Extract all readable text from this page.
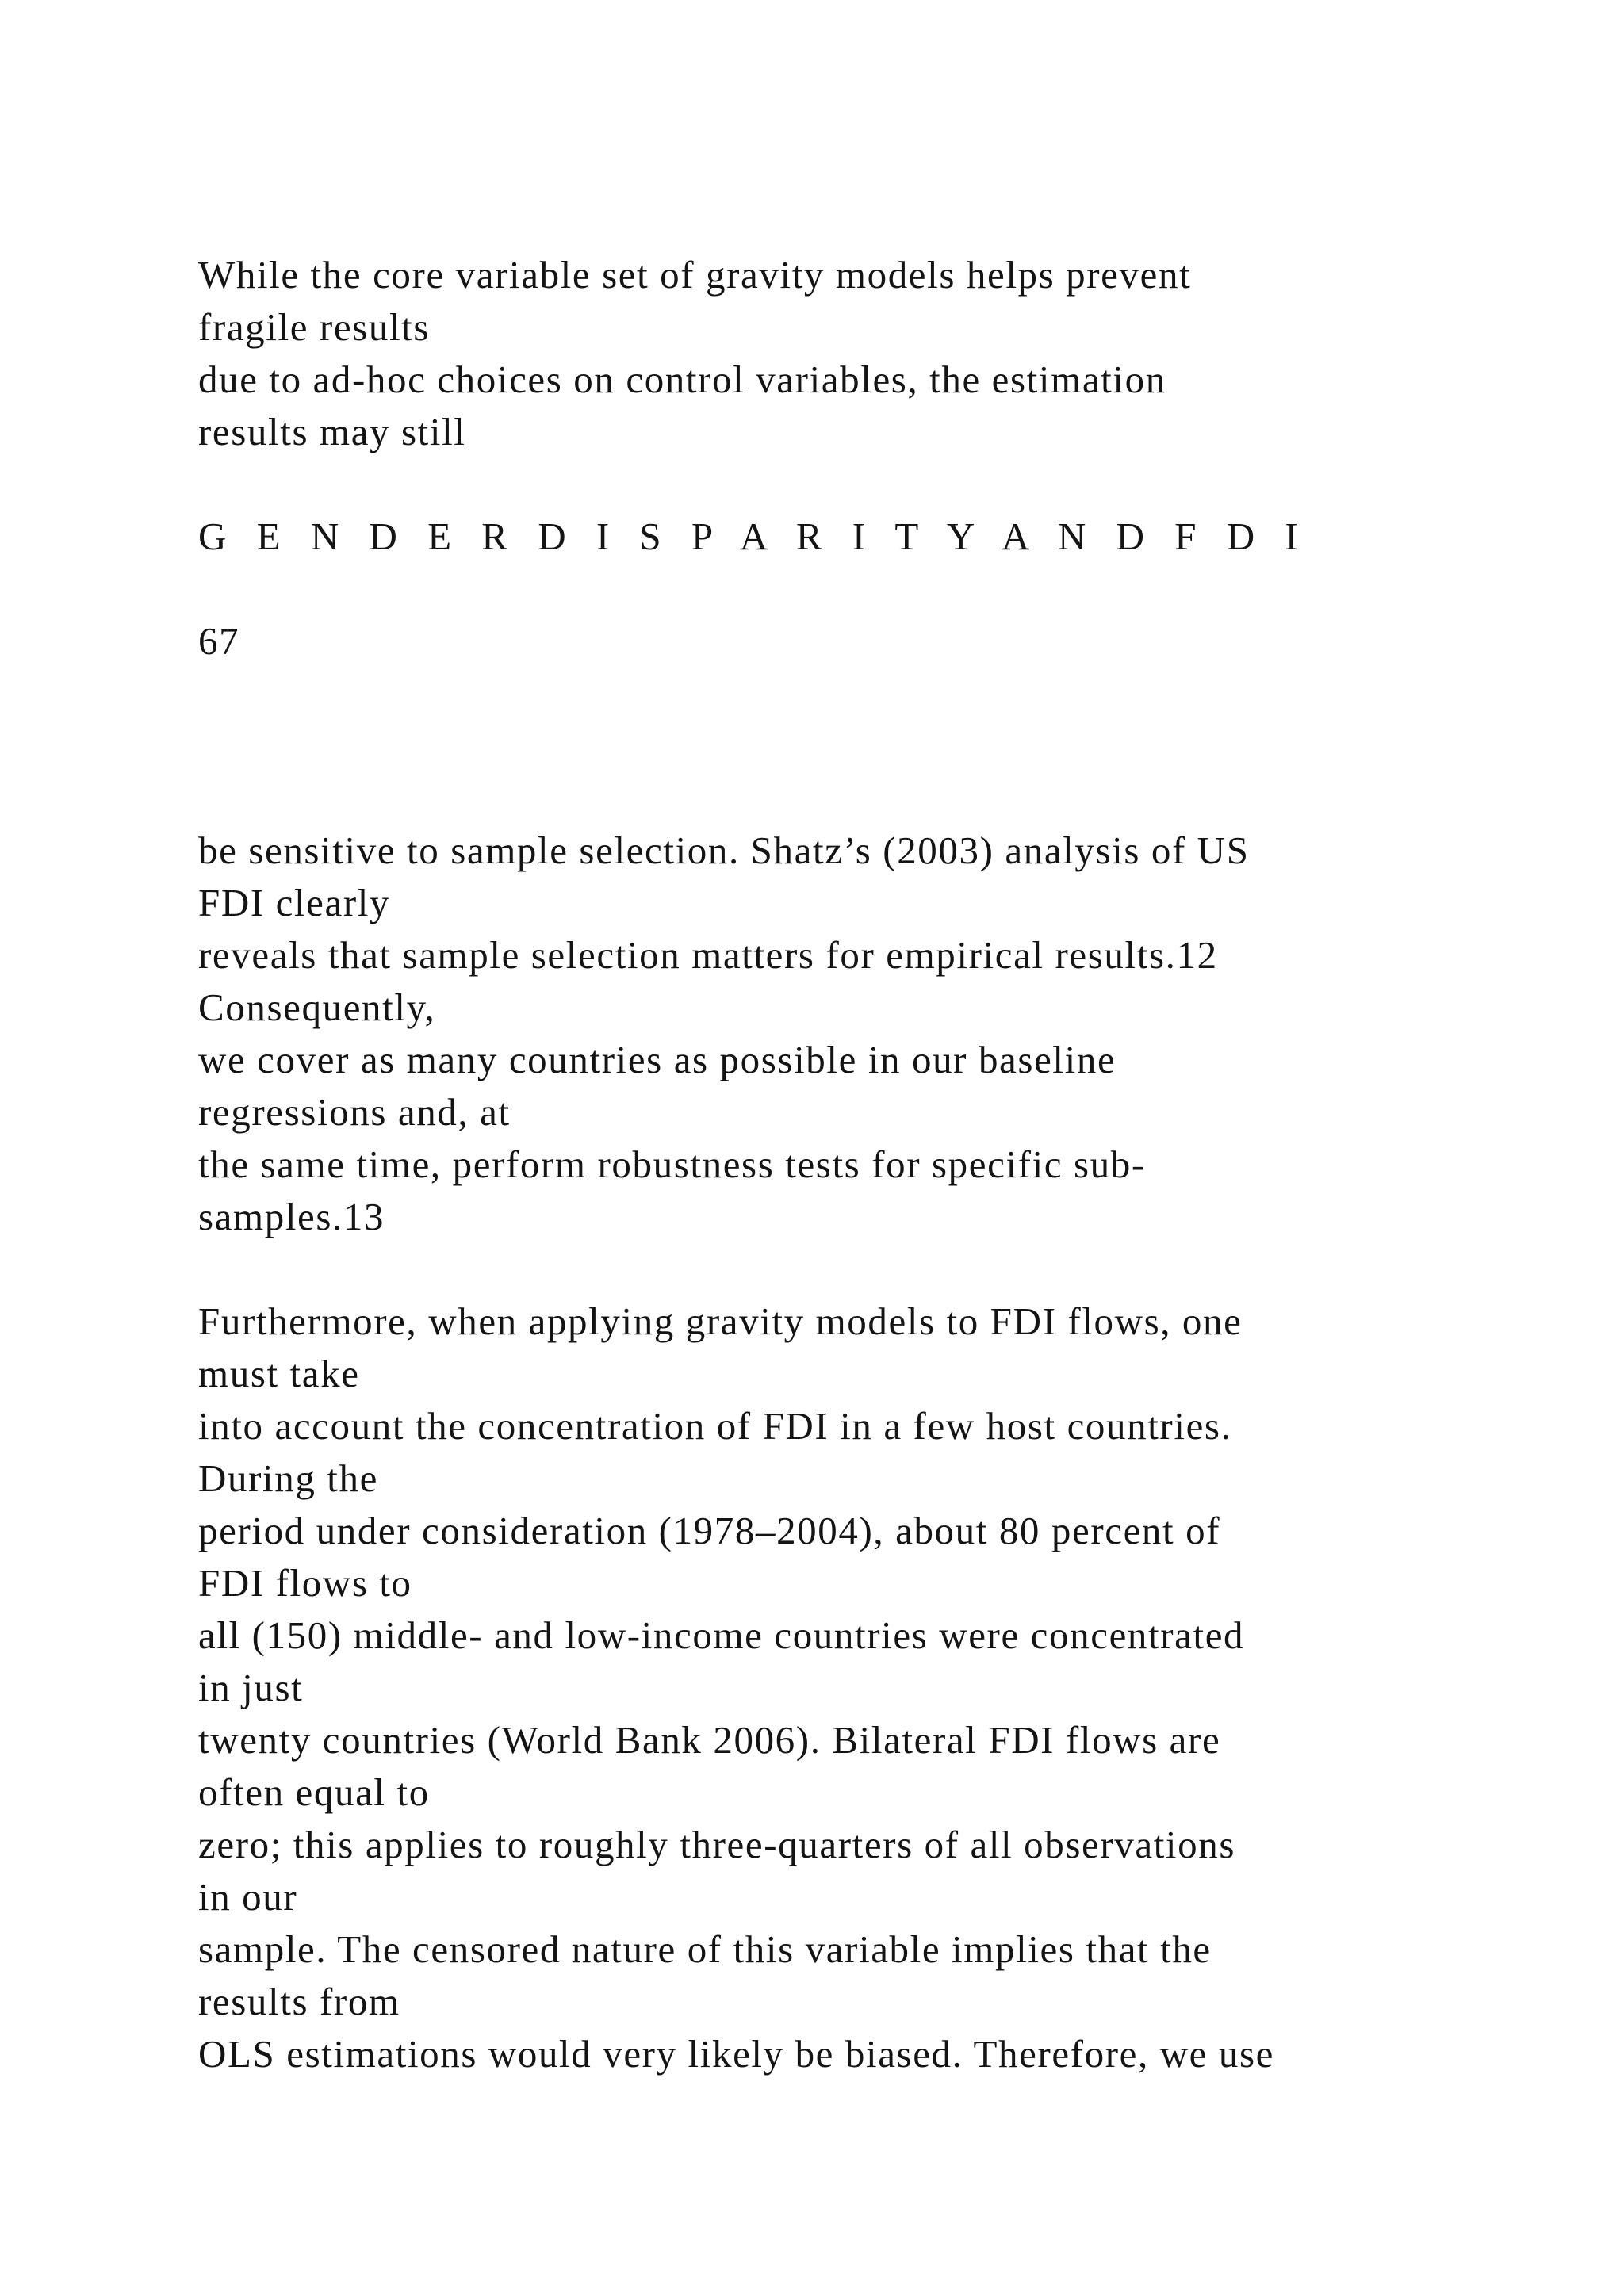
While the core variable set of gravity models helps prevent

fragile results

due to ad-hoc choices on control variables, the estimation

results may still

G E N D E R D I S P A R I T Y A N D F D I

67

be sensitive to sample selection. Shatz’s (2003) analysis of US

FDI clearly

reveals that sample selection matters for empirical results.12

Consequently,

we cover as many countries as possible in our baseline

regressions and, at

the same time, perform robustness tests for specific sub-

samples.13

Furthermore, when applying gravity models to FDI flows, one

must take

into account the concentration of FDI in a few host countries.

During the

period under consideration (1978–2004), about 80 percent of

FDI flows to

all (150) middle- and low-income countries were concentrated

in just

twenty countries (World Bank 2006). Bilateral FDI flows are

often equal to

zero; this applies to roughly three-quarters of all observations

in our

sample. The censored nature of this variable implies that the

results from

OLS estimations would very likely be biased. Therefore, we use
